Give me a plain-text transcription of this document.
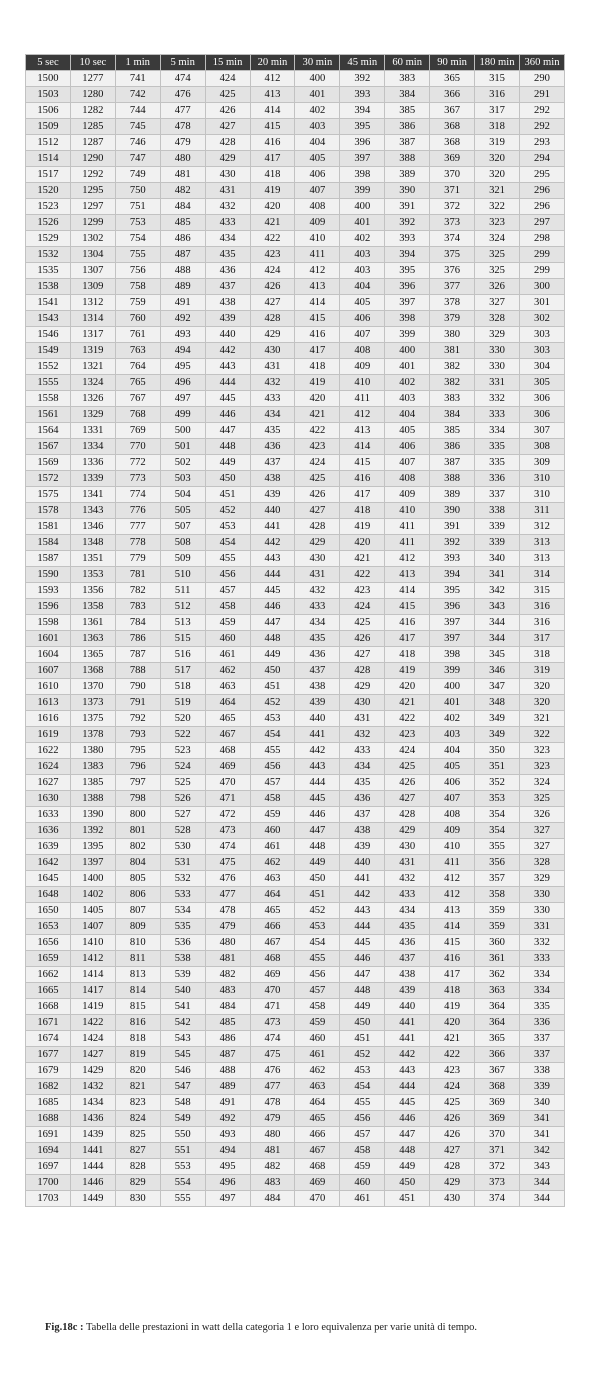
5 sec	10 sec	1 min	5 min	15 min	20 min	30 min	45 min	60 min	90 min	180 min	360 min
1500	1277	741	474	424	412	400	392	383	365	315	290
1503	1280	742	476	425	413	401	393	384	366	316	291
1506	1282	744	477	426	414	402	394	385	367	317	292
1509	1285	745	478	427	415	403	395	386	368	318	292
1512	1287	746	479	428	416	404	396	387	368	319	293
1514	1290	747	480	429	417	405	397	388	369	320	294
1517	1292	749	481	430	418	406	398	389	370	320	295
1520	1295	750	482	431	419	407	399	390	371	321	296
1523	1297	751	484	432	420	408	400	391	372	322	296
1526	1299	753	485	433	421	409	401	392	373	323	297
1529	1302	754	486	434	422	410	402	393	374	324	298
1532	1304	755	487	435	423	411	403	394	375	325	299
1535	1307	756	488	436	424	412	403	395	376	325	299
1538	1309	758	489	437	426	413	404	396	377	326	300
1541	1312	759	491	438	427	414	405	397	378	327	301
1543	1314	760	492	439	428	415	406	398	379	328	302
1546	1317	761	493	440	429	416	407	399	380	329	303
1549	1319	763	494	442	430	417	408	400	381	330	303
1552	1321	764	495	443	431	418	409	401	382	330	304
1555	1324	765	496	444	432	419	410	402	382	331	305
1558	1326	767	497	445	433	420	411	403	383	332	306
1561	1329	768	499	446	434	421	412	404	384	333	306
1564	1331	769	500	447	435	422	413	405	385	334	307
1567	1334	770	501	448	436	423	414	406	386	335	308
1569	1336	772	502	449	437	424	415	407	387	335	309
1572	1339	773	503	450	438	425	416	408	388	336	310
1575	1341	774	504	451	439	426	417	409	389	337	310
1578	1343	776	505	452	440	427	418	410	390	338	311
1581	1346	777	507	453	441	428	419	411	391	339	312
1584	1348	778	508	454	442	429	420	411	392	339	313
1587	1351	779	509	455	443	430	421	412	393	340	313
1590	1353	781	510	456	444	431	422	413	394	341	314
1593	1356	782	511	457	445	432	423	414	395	342	315
1596	1358	783	512	458	446	433	424	415	396	343	316
1598	1361	784	513	459	447	434	425	416	397	344	316
1601	1363	786	515	460	448	435	426	417	397	344	317
1604	1365	787	516	461	449	436	427	418	398	345	318
1607	1368	788	517	462	450	437	428	419	399	346	319
1610	1370	790	518	463	451	438	429	420	400	347	320
1613	1373	791	519	464	452	439	430	421	401	348	320
1616	1375	792	520	465	453	440	431	422	402	349	321
1619	1378	793	522	467	454	441	432	423	403	349	322
1622	1380	795	523	468	455	442	433	424	404	350	323
1624	1383	796	524	469	456	443	434	425	405	351	323
1627	1385	797	525	470	457	444	435	426	406	352	324
1630	1388	798	526	471	458	445	436	427	407	353	325
1633	1390	800	527	472	459	446	437	428	408	354	326
1636	1392	801	528	473	460	447	438	429	409	354	327
1639	1395	802	530	474	461	448	439	430	410	355	327
1642	1397	804	531	475	462	449	440	431	411	356	328
1645	1400	805	532	476	463	450	441	432	412	357	329
1648	1402	806	533	477	464	451	442	433	412	358	330
1650	1405	807	534	478	465	452	443	434	413	359	330
1653	1407	809	535	479	466	453	444	435	414	359	331
1656	1410	810	536	480	467	454	445	436	415	360	332
1659	1412	811	538	481	468	455	446	437	416	361	333
1662	1414	813	539	482	469	456	447	438	417	362	334
1665	1417	814	540	483	470	457	448	439	418	363	334
1668	1419	815	541	484	471	458	449	440	419	364	335
1671	1422	816	542	485	473	459	450	441	420	364	336
1674	1424	818	543	486	474	460	451	441	421	365	337
1677	1427	819	545	487	475	461	452	442	422	366	337
1679	1429	820	546	488	476	462	453	443	423	367	338
1682	1432	821	547	489	477	463	454	444	424	368	339
1685	1434	823	548	491	478	464	455	445	425	369	340
1688	1436	824	549	492	479	465	456	446	426	369	341
1691	1439	825	550	493	480	466	457	447	426	370	341
1694	1441	827	551	494	481	467	458	448	427	371	342
1697	1444	828	553	495	482	468	459	449	428	372	343
1700	1446	829	554	496	483	469	460	450	429	373	344
1703	1449	830	555	497	484	470	461	451	430	374	344
Fig.18c : Tabella delle prestazioni in watt della categoria 1 e loro equivalenza per varie unità di tempo.
